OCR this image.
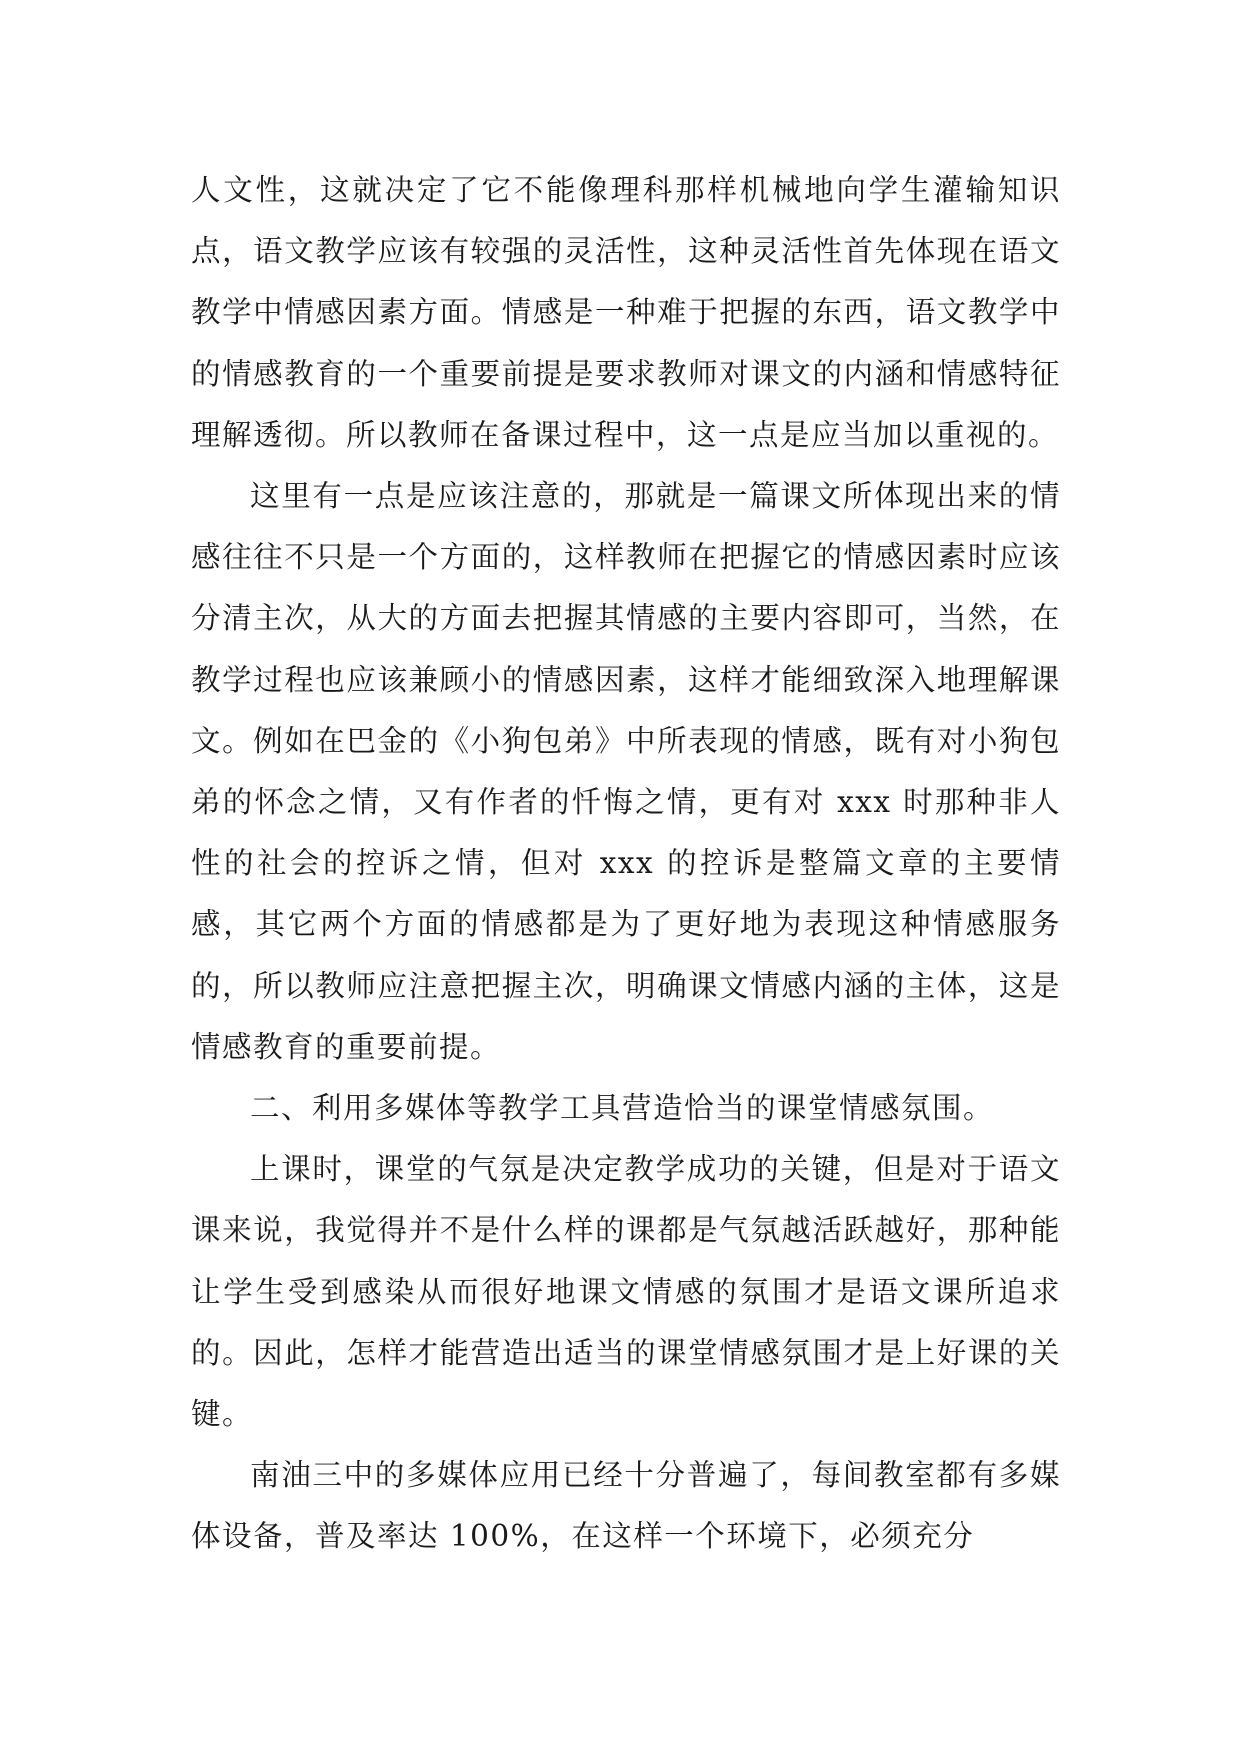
人文性，这就决定了它不能像理科那样机械地向学生灌输知识点，语文教学应该有较强的灵活性，这种灵活性首先体现在语文教学中情感因素方面。情感是一种难于把握的东西，语文教学中的情感教育的一个重要前提是要求教师对课文的内涵和情感特征理解透彻。所以教师在备课过程中，这一点是应当加以重视的。

这里有一点是应该注意的，那就是一篇课文所体现出来的情感往往不只是一个方面的，这样教师在把握它的情感因素时应该分清主次，从大的方面去把握其情感的主要内容即可，当然，在教学过程也应该兼顾小的情感因素，这样才能细致深入地理解课文。例如在巴金的《小狗包弟》中所表现的情感，既有对小狗包弟的怀念之情，又有作者的忏悔之情，更有对 xxx 时那种非人性的社会的控诉之情，但对 xxx 的控诉是整篇文章的主要情感，其它两个方面的情感都是为了更好地为表现这种情感服务的，所以教师应注意把握主次，明确课文情感内涵的主体，这是情感教育的重要前提。

二、利用多媒体等教学工具营造恰当的课堂情感氛围。

上课时，课堂的气氛是决定教学成功的关键，但是对于语文课来说，我觉得并不是什么样的课都是气氛越活跃越好，那种能让学生受到感染从而很好地课文情感的氛围才是语文课所追求的。因此，怎样才能营造出适当的课堂情感氛围才是上好课的关键。

南油三中的多媒体应用已经十分普遍了，每间教室都有多媒体设备，普及率达 100%，在这样一个环境下，必须充分
